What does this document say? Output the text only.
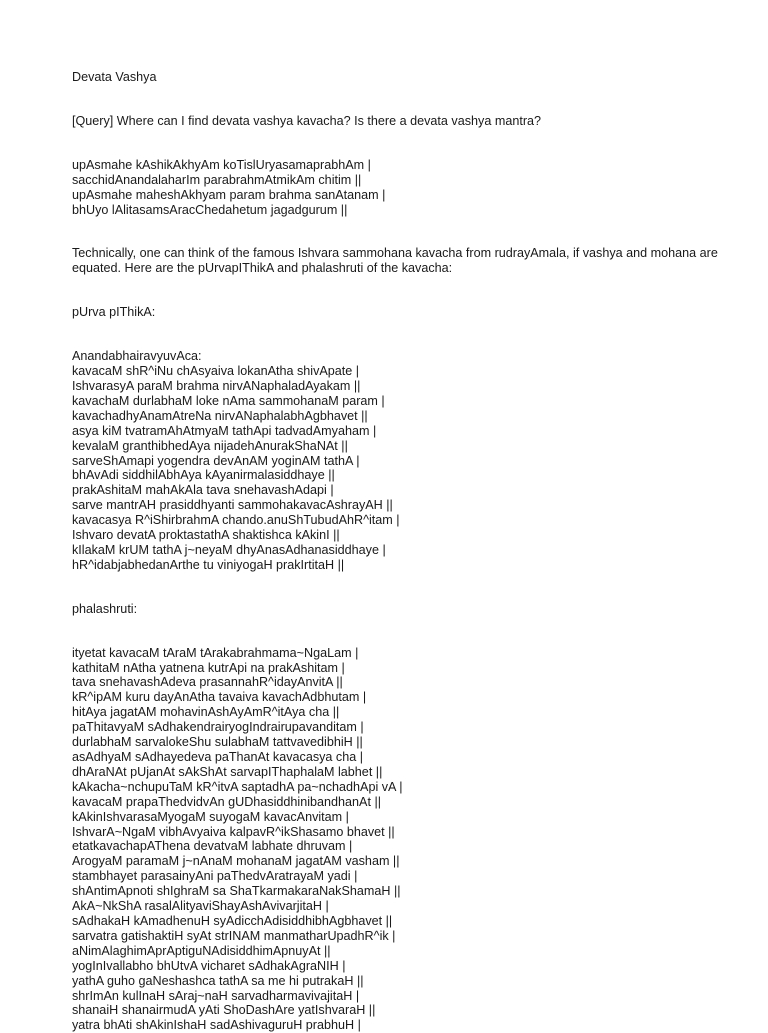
Devata Vashya
[Query] Where can I find devata vashya kavacha? Is there a devata vashya mantra?
upAsmahe kAshikAkhyAm koTislUryasamaprabhAm |
sacchidAnandalaharIm parabrahmAtmikAm chitim ||
upAsmahe maheshAkhyam param brahma sanAtanam |
bhUyo lAlitasamsAracChedahetum jagadgurum ||
Technically, one can think of the famous Ishvara sammohana kavacha from rudrayAmala, if vashya and mohana are equated. Here are the pUrvapIThikA and phalashruti of the kavacha:
pUrva pIThikA:
AnandabhairavyuvAca:
kavacaM shR^iNu chAsyaiva lokanAtha shivApate |
IshvarasyA paraM brahma nirvANaphaladAyakam ||
kavachaM durlabhaM loke nAma sammohanaM param |
kavachadhyAnamAtreNa nirvANaphalabhAgbhavet ||
asya kiM tvatramAhAtmyaM tathApi tadvadAmyaham |
kevalaM granthibhedAya nijadehAnurakShaNAt ||
sarveShAmapi yogendra devAnAM yoginAM tathA |
bhAvAdi siddhilAbhAya kAyanirmalasiddhaye ||
prakAshitaM mahAkAla tava snehavashAdapi |
sarve mantrAH prasiddhyanti sammohakavacAshrayAH ||
kavacasya R^iShirbrahmA chando.anuShTubudAhR^itam |
Ishvaro devatA proktastathA shaktishca kAkinI ||
kIlakaM krUM tathA j~neyaM dhyAnasAdhanasiddhaye |
hR^idabjabhedanArthe tu viniyogaH prakIrtitaH ||
phalashruti:
ityetat kavacaM tAraM tArakabrahmama~NgaLam |
kathitaM nAtha yatnena kutrApi na prakAshitam |
tava snehavashAdeva prasannahR^idayAnvitA ||
kR^ipAM kuru dayAnAtha tavaiva kavachAdbhutam |
hitAya jagatAM mohavinAshAyAmR^itAya cha ||
paThitavyaM sAdhakendrairyogIndrairupavanditam |
durlabhaM sarvalokeShu sulabhaM tattvavedibhiH ||
asAdhyaM sAdhayedeva paThanAt kavacasya cha |
dhAraNAt pUjanAt sAkShAt sarvapIThaphalaM labhet ||
kAkacha~nchupuTaM kR^itvA saptadhA pa~nchadhApi vA |
kavacaM prapaThedvidvAn gUDhasiddhinibandhanAt ||
kAkinIshvarasaMyogaM suyogaM kavacAnvitam |
IshvarA~NgaM vibhAvyaiva kalpavR^ikShasamo bhavet ||
etatkavachapAThena devatvaM labhate dhruvam |
ArogyaM paramaM j~nAnaM mohanaM jagatAM vasham ||
stambhayet parasainyAni paThedvAratrayaM yadi |
shAntimApnoti shIghraM sa ShaTkarmakaraNakShamaH ||
AkA~NkShA rasalAlityaviShayAshAvivarjitaH |
sAdhakaH kAmadhenuH syAdicchAdisiddhibhAgbhavet ||
sarvatra gatishaktiH syAt strINAM manmatharUpadhR^ik |
aNimAlaghimAprAptiguNAdisiddhimApnuyAt ||
yogInIvallabho bhUtvA vicharet sAdhakAgraNIH |
yathA guho gaNeshashca tathA sa me hi putrakaH ||
shrImAn kulInaH sAraj~naH sarvadharmavivajitaH |
shanaiH shanairmudA yAti ShoDashAre yatIshvaraH ||
yatra bhAti shAkinIshaH sadAshivaguruH prabhuH |
